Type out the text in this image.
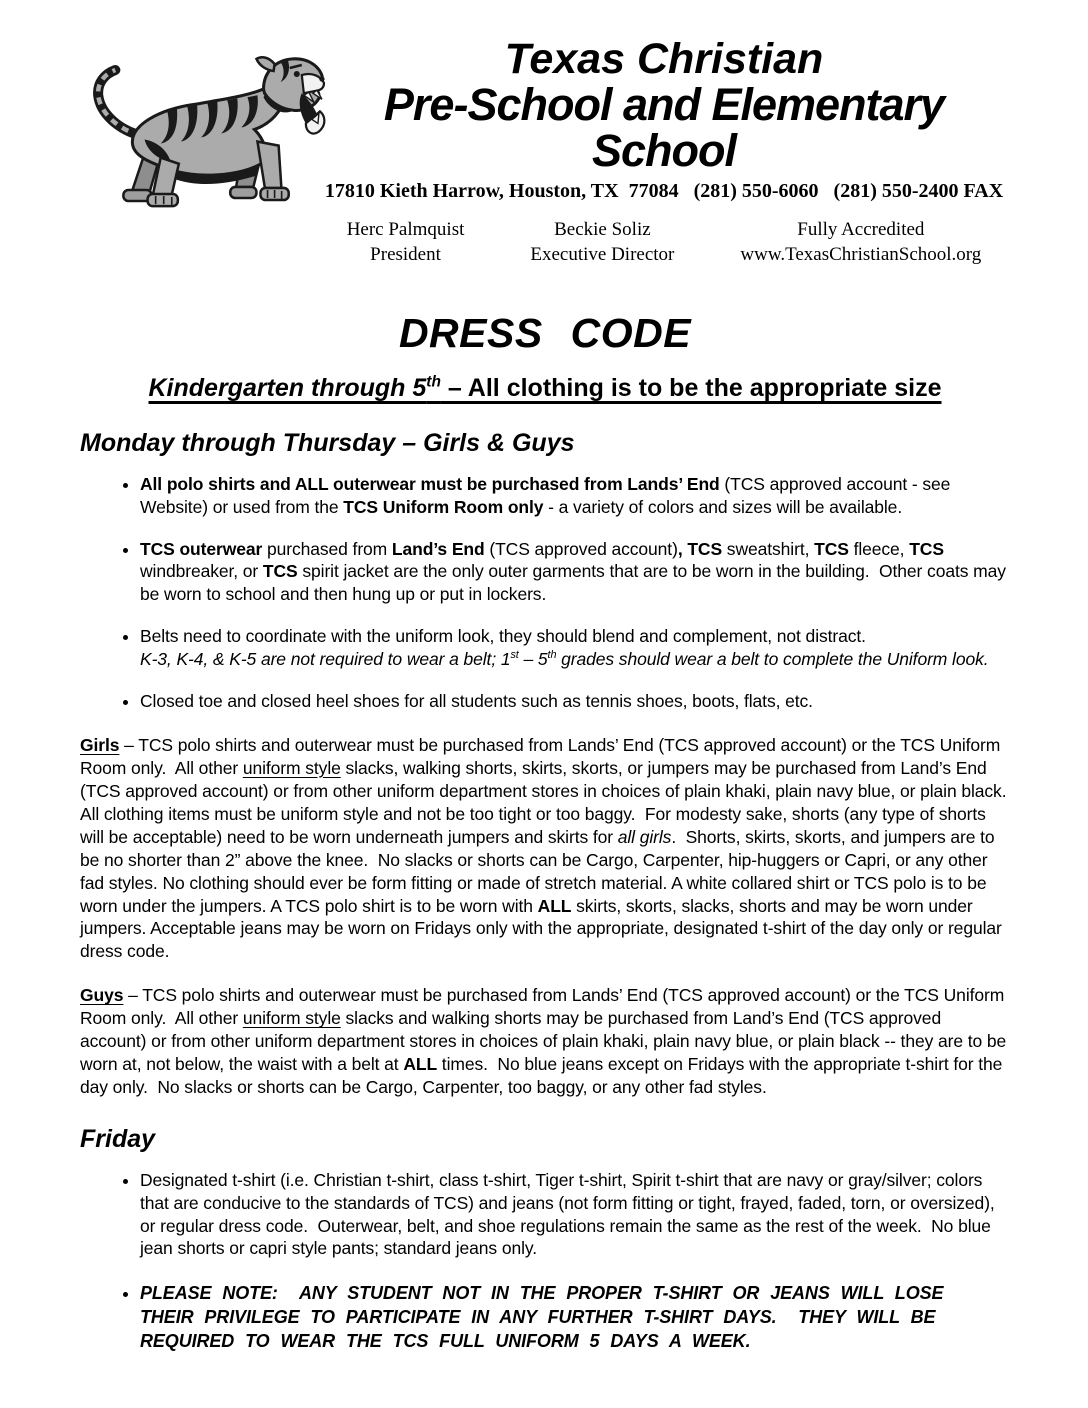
Texas Christian
Pre-School and Elementary School
17810 Kieth Harrow, Houston, TX  77084   (281) 550-6060   (281) 550-2400 FAX
Herc Palmquist
President
Beckie Soliz
Executive Director
Fully Accredited
www.TexasChristianSchool.org
DRESS CODE
Kindergarten through 5th – All clothing is to be the appropriate size
Monday through Thursday – Girls & Guys
• All polo shirts and ALL outerwear must be purchased from Lands’ End (TCS approved account - see Website) or used from the TCS Uniform Room only - a variety of colors and sizes will be available.
• TCS outerwear purchased from Land’s End (TCS approved account), TCS sweatshirt, TCS fleece, TCS windbreaker, or TCS spirit jacket are the only outer garments that are to be worn in the building.  Other coats may be worn to school and then hung up or put in lockers.
• Belts need to coordinate with the uniform look, they should blend and complement, not distract.
K-3, K-4, & K-5 are not required to wear a belt; 1st – 5th grades should wear a belt to complete the Uniform look.
• Closed toe and closed heel shoes for all students such as tennis shoes, boots, flats, etc.

Girls – TCS polo shirts and outerwear must be purchased from Lands’ End (TCS approved account) or the TCS Uniform Room only.  All other uniform style slacks, walking shorts, skirts, skorts, or jumpers may be purchased from Land’s End (TCS approved account) or from other uniform department stores in choices of plain khaki, plain navy blue, or plain black.  All clothing items must be uniform style and not be too tight or too baggy.  For modesty sake, shorts (any type of shorts will be acceptable) need to be worn underneath jumpers and skirts for all girls.  Shorts, skirts, skorts, and jumpers are to be no shorter than 2” above the knee.  No slacks or shorts can be Cargo, Carpenter, hip-huggers or Capri, or any other fad styles. No clothing should ever be form fitting or made of stretch material. A white collared shirt or TCS polo is to be worn under the jumpers. A TCS polo shirt is to be worn with ALL skirts, skorts, slacks, shorts and may be worn under jumpers. Acceptable jeans may be worn on Fridays only with the appropriate, designated t-shirt of the day only or regular dress code.

Guys – TCS polo shirts and outerwear must be purchased from Lands’ End (TCS approved account) or the TCS Uniform Room only.  All other uniform style slacks and walking shorts may be purchased from Land’s End (TCS approved account) or from other uniform department stores in choices of plain khaki, plain navy blue, or plain black -- they are to be worn at, not below, the waist with a belt at ALL times.  No blue jeans except on Fridays with the appropriate t-shirt for the day only.  No slacks or shorts can be Cargo, Carpenter, too baggy, or any other fad styles.

Friday
• Designated t-shirt (i.e. Christian t-shirt, class t-shirt, Tiger t-shirt, Spirit t-shirt that are navy or gray/silver; colors that are conducive to the standards of TCS) and jeans (not form fitting or tight, frayed, faded, torn, or oversized), or regular dress code.  Outerwear, belt, and shoe regulations remain the same as the rest of the week.  No blue jean shorts or capri style pants; standard jeans only.
• PLEASE NOTE:  ANY STUDENT NOT IN THE PROPER T-SHIRT OR JEANS WILL LOSE THEIR PRIVILEGE TO PARTICIPATE IN ANY FURTHER T-SHIRT DAYS.  THEY WILL BE REQUIRED TO WEAR THE TCS FULL UNIFORM 5 DAYS A WEEK.
